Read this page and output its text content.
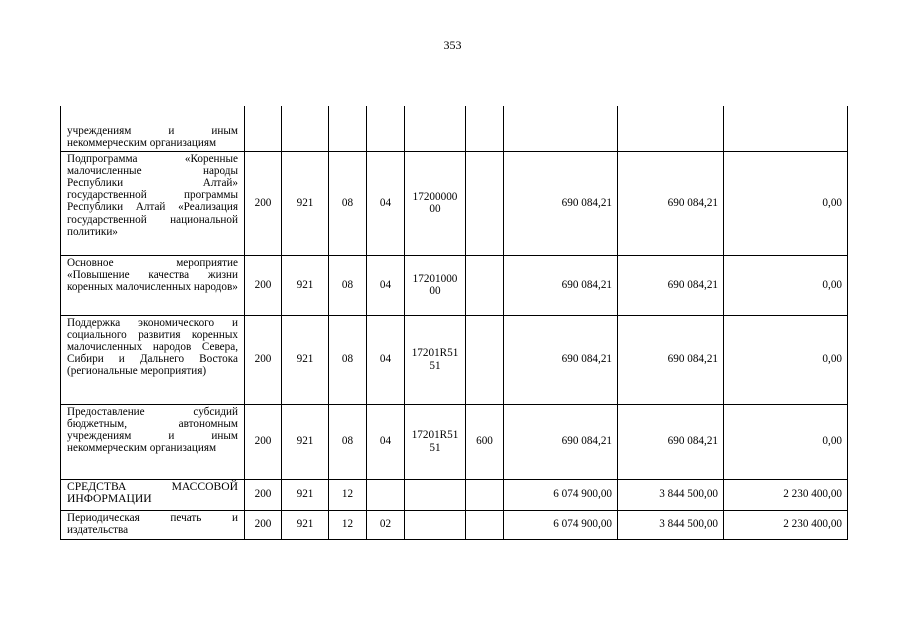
353
учреждениям и иным некоммерческим организациям									
Подпрограмма «Коренные малочисленные народы Республики Алтай» государственной программы Республики Алтай «Реализация государственной национальной политики»	200	921	08	04	1720000000		690 084,21	690 084,21	0,00
Основное мероприятие «Повышение качества жизни коренных малочисленных народов»	200	921	08	04	1720100000		690 084,21	690 084,21	0,00
Поддержка экономического и социального развития коренных малочисленных народов Севера, Сибири и Дальнего Востока (региональные мероприятия)	200	921	08	04	17201R5151		690 084,21	690 084,21	0,00
Предоставление субсидий бюджетным, автономным учреждениям и иным некоммерческим организациям	200	921	08	04	17201R5151	600	690 084,21	690 084,21	0,00
СРЕДСТВА МАССОВОЙ ИНФОРМАЦИИ	200	921	12				6 074 900,00	3 844 500,00	2 230 400,00
Периодическая печать и издательства	200	921	12	02			6 074 900,00	3 844 500,00	2 230 400,00
